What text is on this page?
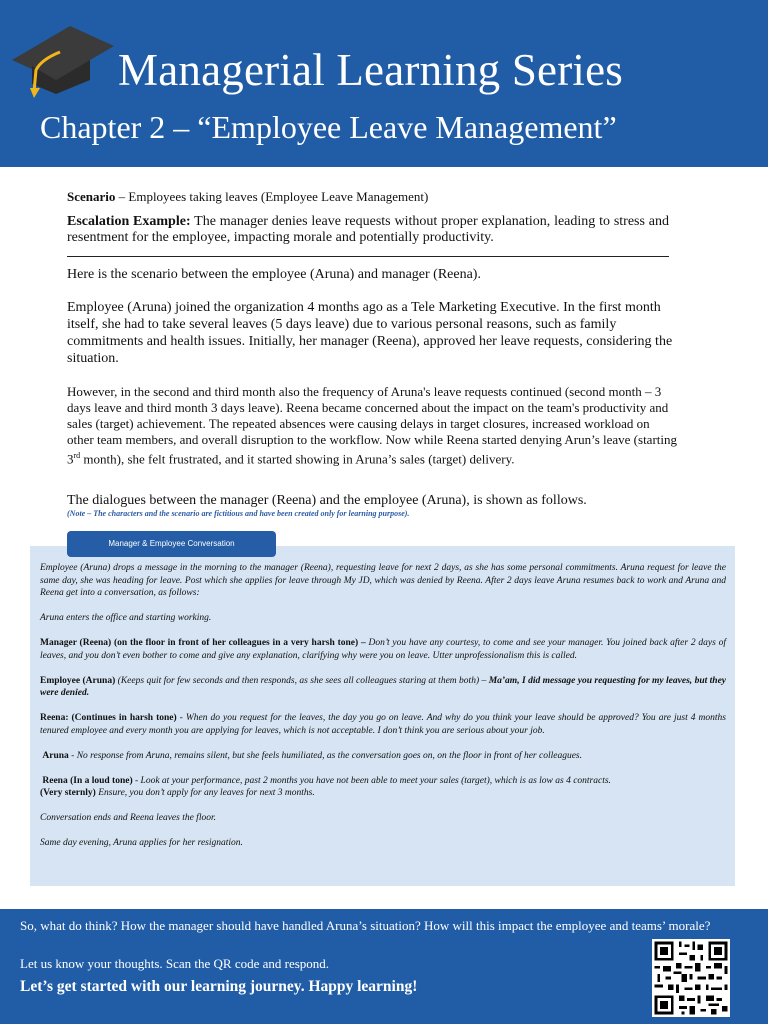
Managerial Learning Series
Chapter 2 – “Employee Leave Management”
Scenario – Employees taking leaves (Employee Leave Management)
Escalation Example: The manager denies leave requests without proper explanation, leading to stress and resentment for the employee, impacting morale and potentially productivity.
Here is the scenario between the employee (Aruna) and manager (Reena).
Employee (Aruna) joined the organization 4 months ago as a Tele Marketing Executive. In the first month itself, she had to take several leaves (5 days leave) due to various personal reasons, such as family commitments and health issues. Initially, her manager (Reena), approved her leave requests, considering the situation.
However, in the second and third month also the frequency of Aruna's leave requests continued (second month – 3 days leave and third month 3 days leave). Reena became concerned about the impact on the team's productivity and sales (target) achievement. The repeated absences were causing delays in target closures, increased workload on other team members, and overall disruption to the workflow. Now while Reena started denying Arun’s leave (starting 3rd month), she felt frustrated, and it started showing in Aruna’s sales (target) delivery.
The dialogues between the manager (Reena) and the employee (Aruna), is shown as follows.
(Note – The characters and the scenario are fictitious and have been created only for learning purpose).
Manager & Employee Conversation

Employee (Aruna) drops a message in the morning to the manager (Reena), requesting leave for next 2 days, as she has some personal commitments. Aruna request for leave the same day, she was heading for leave. Post which she applies for leave through My JD, which was denied by Reena. After 2 days leave Aruna resumes back to work and Aruna and Reena get into a conversation, as follows:

Aruna enters the office and starting working.

Manager (Reena) (on the floor in front of her colleagues in a very harsh tone) – Don’t you have any courtesy, to come and see your manager. You joined back after 2 days of leaves, and you don’t even bother to come and give any explanation, clarifying why were you on leave. Utter unprofessionalism this is called.

Employee (Aruna) (Keeps quit for few seconds and then responds, as she sees all colleagues staring at them both) – Ma’am, I did message you requesting for my leaves, but they were denied.

Reena: (Continues in harsh tone) - When do you request for the leaves, the day you go on leave. And why do you think your leave should be approved? You are just 4 months tenured employee and every month you are applying for leaves, which is not acceptable. I don’t think you are serious about your job.

Aruna - No response from Aruna, remains silent, but she feels humiliated, as the conversation goes on, on the floor in front of her colleagues.

Reena (In a loud tone) - Look at your performance, past 2 months you have not been able to meet your sales (target), which is as low as 4 contracts.
(Very sternly) Ensure, you don’t apply for any leaves for next 3 months.

Conversation ends and Reena leaves the floor.

Same day evening, Aruna applies for her resignation.

So, what do think? How the manager should have handled Aruna’s situation? How will this impact the employee and teams’ morale?
Let us know your thoughts. Scan the QR code and respond.
Let’s get started with our learning journey. Happy learning!
